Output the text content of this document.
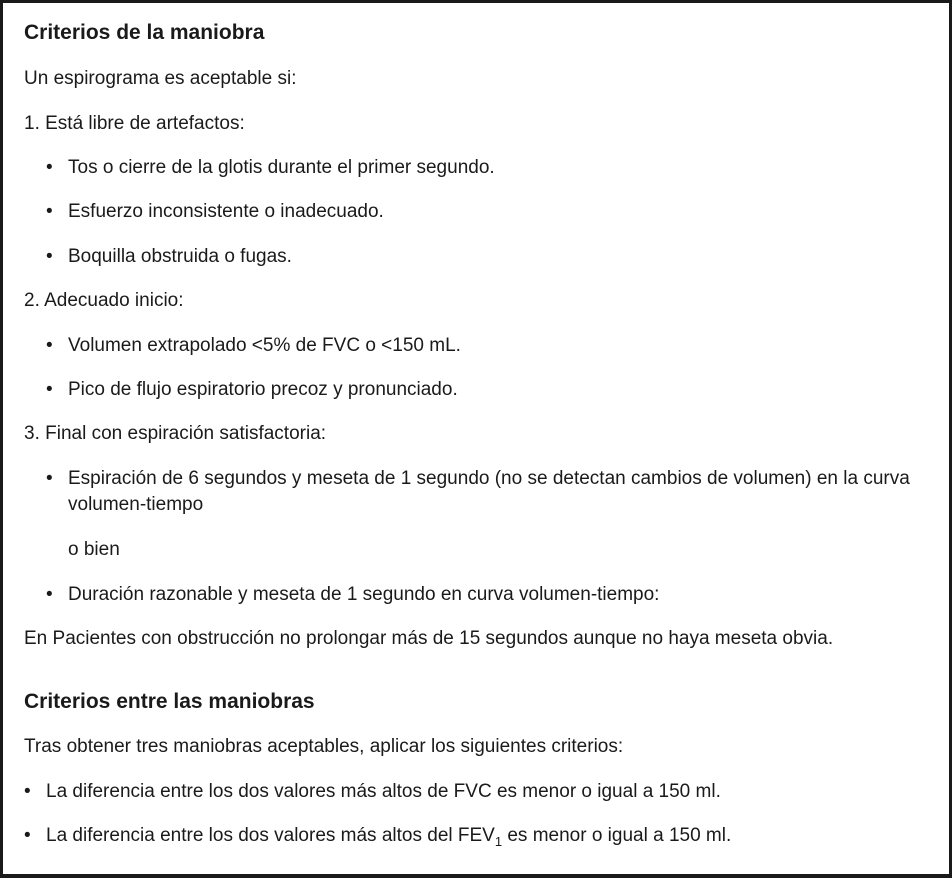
Criterios de la maniobra
Un espirograma es aceptable si:
1. Está libre de artefactos:
• Tos o cierre de la glotis durante el primer segundo.
• Esfuerzo inconsistente o inadecuado.
• Boquilla obstruida o fugas.
2. Adecuado inicio:
• Volumen extrapolado <5% de FVC o <150 mL.
• Pico de flujo espiratorio precoz y pronunciado.
3. Final con espiración satisfactoria:
• Espiración de 6 segundos y meseta de 1 segundo (no se detectan cambios de volumen) en la curva volumen-tiempo
o bien
• Duración razonable y meseta de 1 segundo en curva volumen-tiempo:
En Pacientes con obstrucción no prolongar más de 15 segundos aunque no haya meseta obvia.
Criterios entre las maniobras
Tras obtener tres maniobras aceptables, aplicar los siguientes criterios:
• La diferencia entre los dos valores más altos de FVC es menor o igual a 150 ml.
• La diferencia entre los dos valores más altos del $FEV_1$ es menor o igual a 150 ml.
